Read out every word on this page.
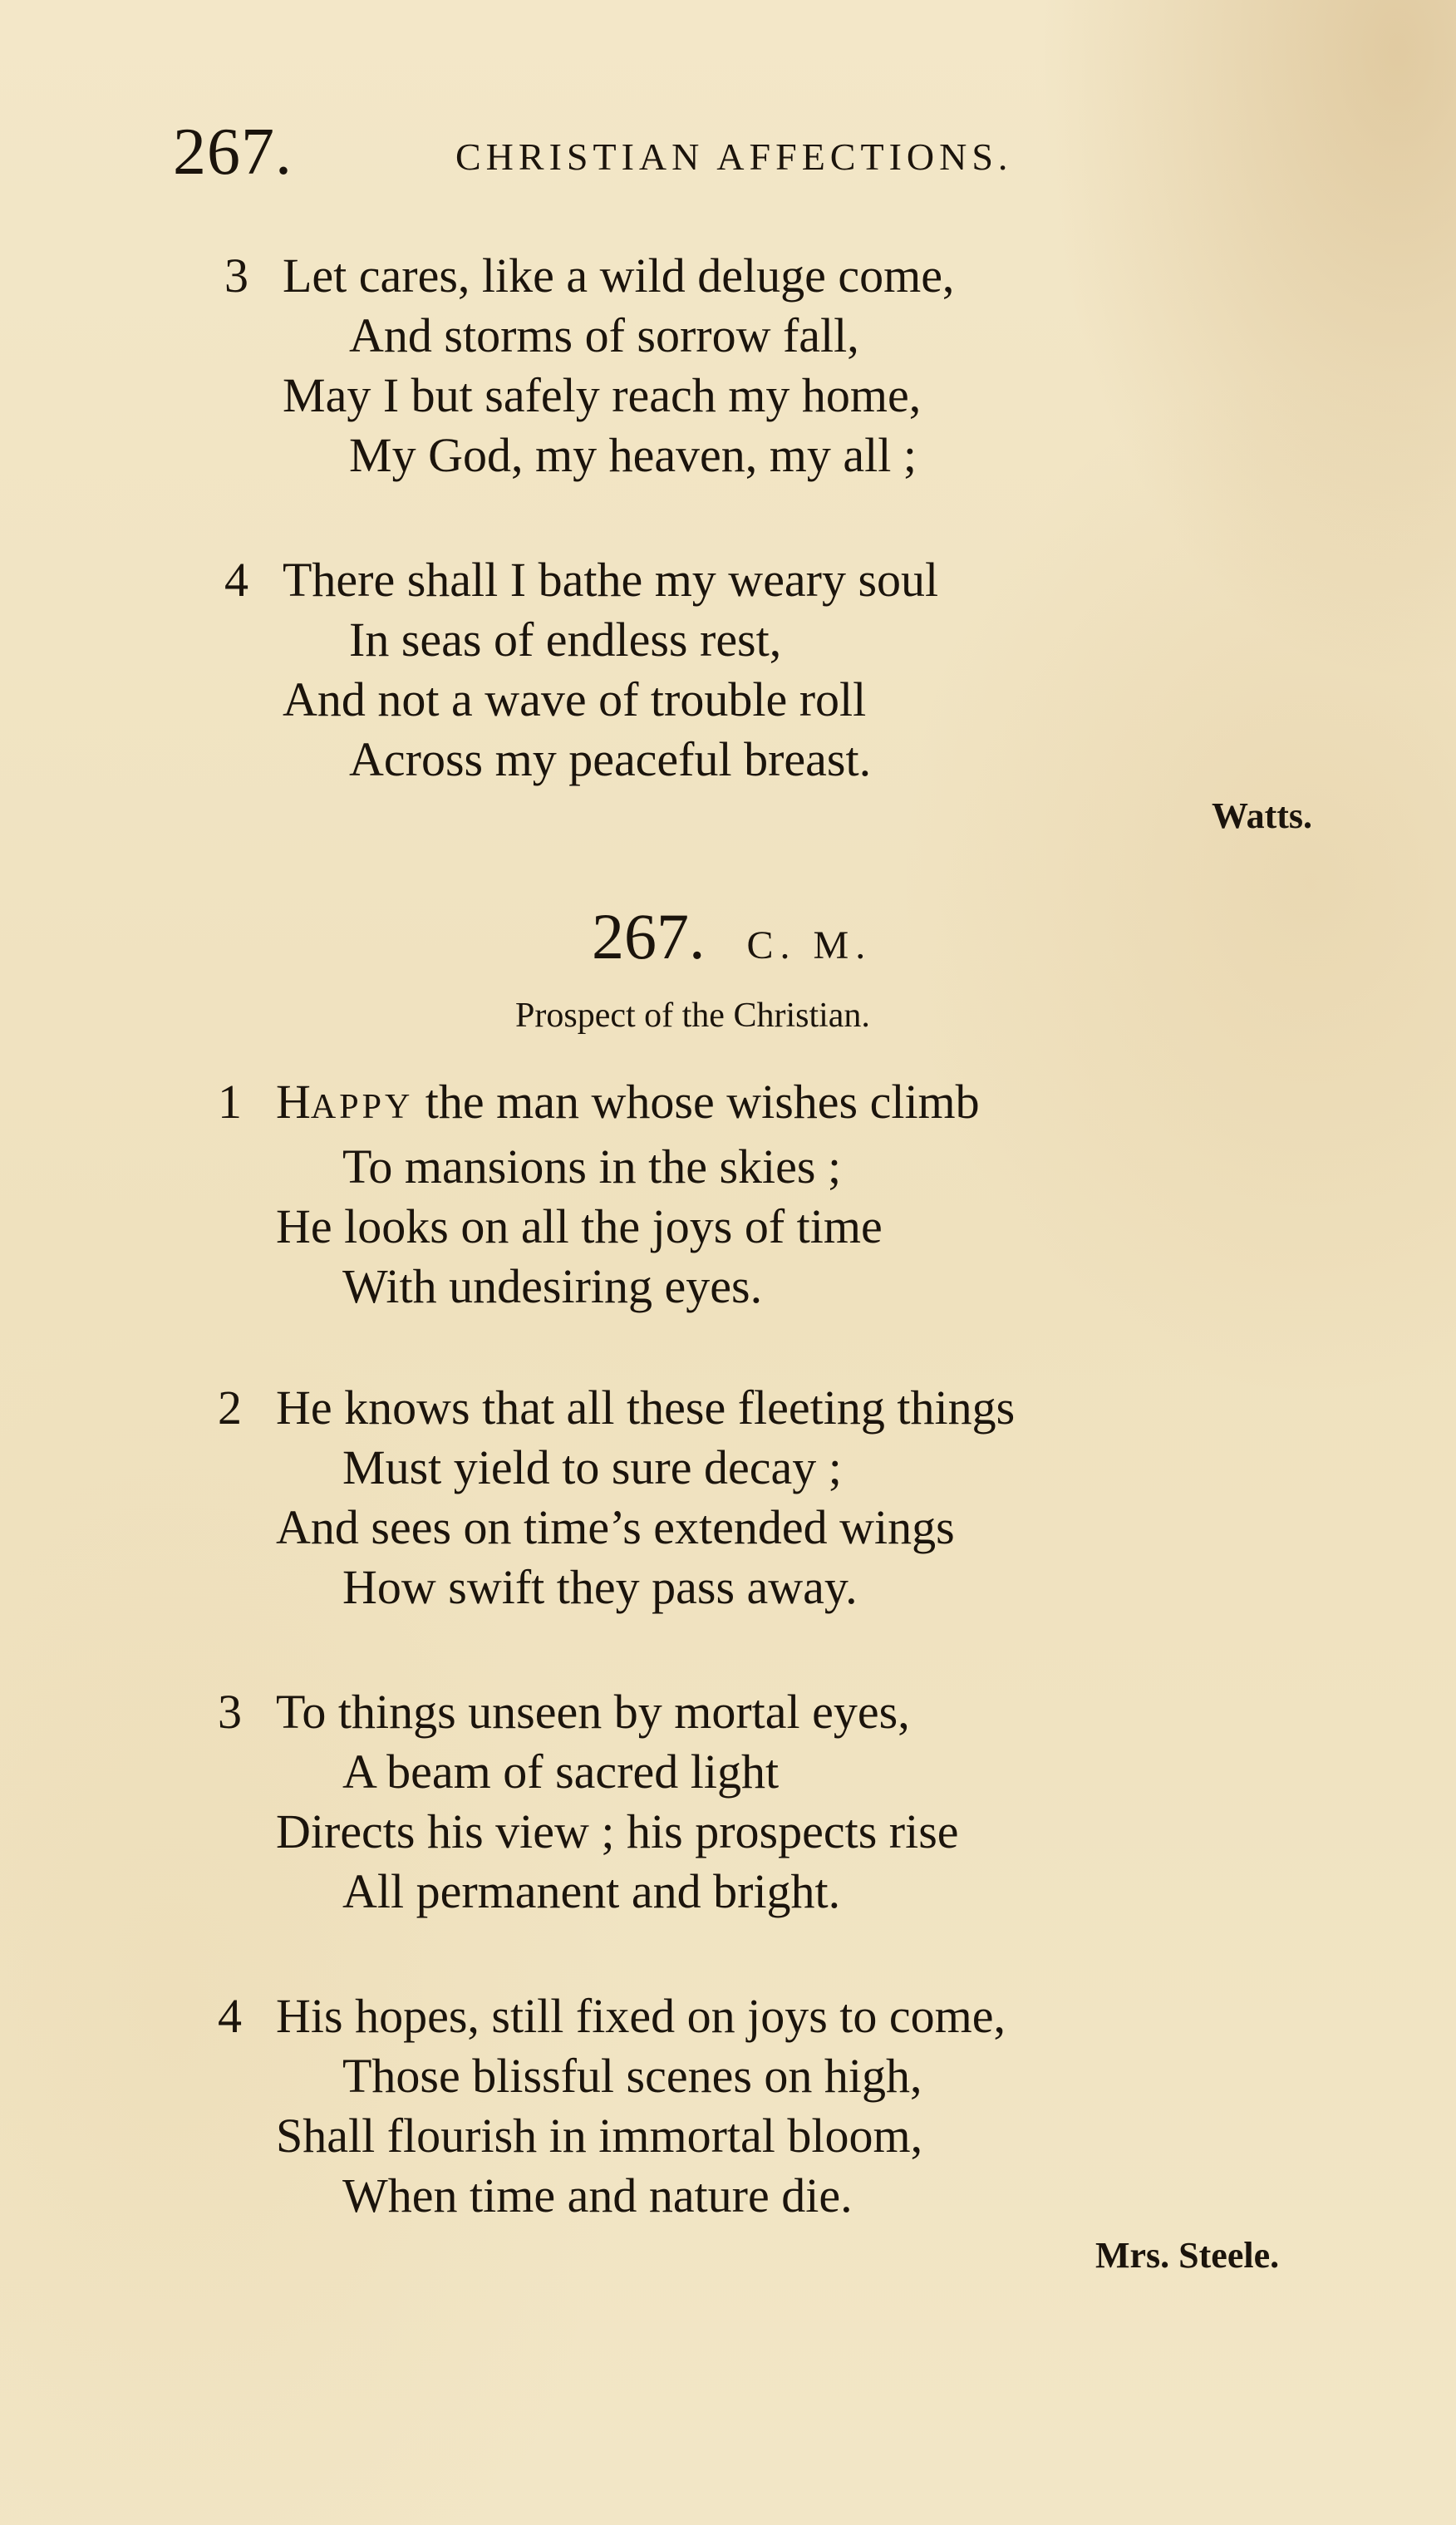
267.	CHRISTIAN AFFECTIONS.
3 Let cares, like a wild deluge come,
And storms of sorrow fall,
May I but safely reach my home,
My God, my heaven, my all ;
4 There shall I bathe my weary soul
In seas of endless rest,
And not a wave of trouble roll
Across my peaceful breast.
Watts.
267. C. M.
Prospect of the Christian.
1 HAPPY the man whose wishes climb
To mansions in the skies ;
He looks on all the joys of time
With undesiring eyes.
2 He knows that all these fleeting things
Must yield to sure decay ;
And sees on time’s extended wings
How swift they pass away.
3 To things unseen by mortal eyes,
A beam of sacred light
Directs his view ; his prospects rise
All permanent and bright.
4 His hopes, still fixed on joys to come,
Those blissful scenes on high,
Shall flourish in immortal bloom,
When time and nature die.
Mrs. Steele.
